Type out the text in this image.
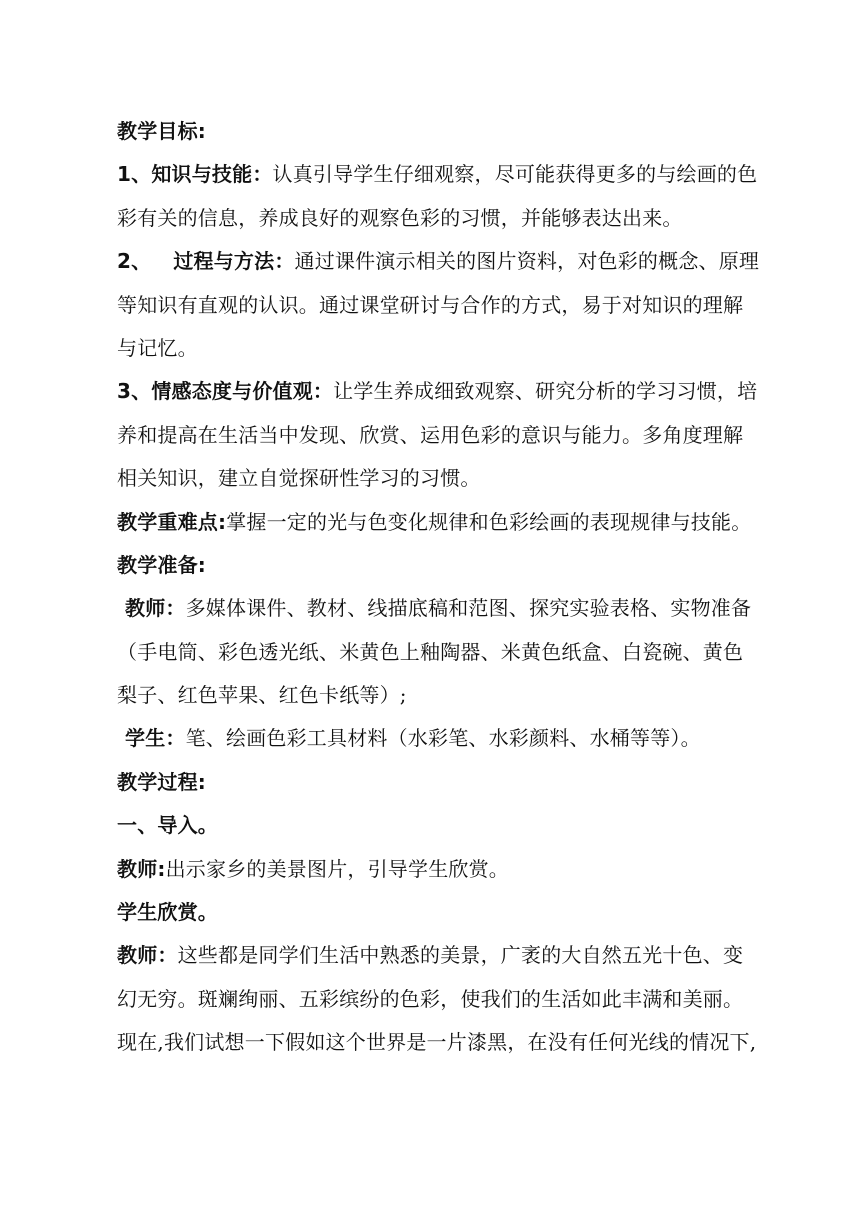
教学目标:
1、知识与技能：认真引导学生仔细观察，尽可能获得更多的与绘画的色
彩有关的信息，养成良好的观察色彩的习惯，并能够表达出来。
2、 过程与方法：通过课件演示相关的图片资料，对色彩的概念、原理
等知识有直观的认识。通过课堂研讨与合作的方式，易于对知识的理解
与记忆。
3、情感态度与价值观：让学生养成细致观察、研究分析的学习习惯，培
养和提高在生活当中发现、欣赏、运用色彩的意识与能力。多角度理解
相关知识，建立自觉探研性学习的习惯。
教学重难点:掌握一定的光与色变化规律和色彩绘画的表现规律与技能。
教学准备:
教师：多媒体课件、教材、线描底稿和范图、探究实验表格、实物准备
（手电筒、彩色透光纸、米黄色上釉陶器、米黄色纸盒、白瓷碗、黄色
梨子、红色苹果、红色卡纸等）;
学生：笔、绘画色彩工具材料（水彩笔、水彩颜料、水桶等等）。
教学过程:
一、导入。
教师:出示家乡的美景图片，引导学生欣赏。
学生欣赏。
教师：这些都是同学们生活中熟悉的美景，广袤的大自然五光十色、变
幻无穷。斑斓绚丽、五彩缤纷的色彩，使我们的生活如此丰满和美丽。
现在,我们试想一下假如这个世界是一片漆黑，在没有任何光线的情况下,
